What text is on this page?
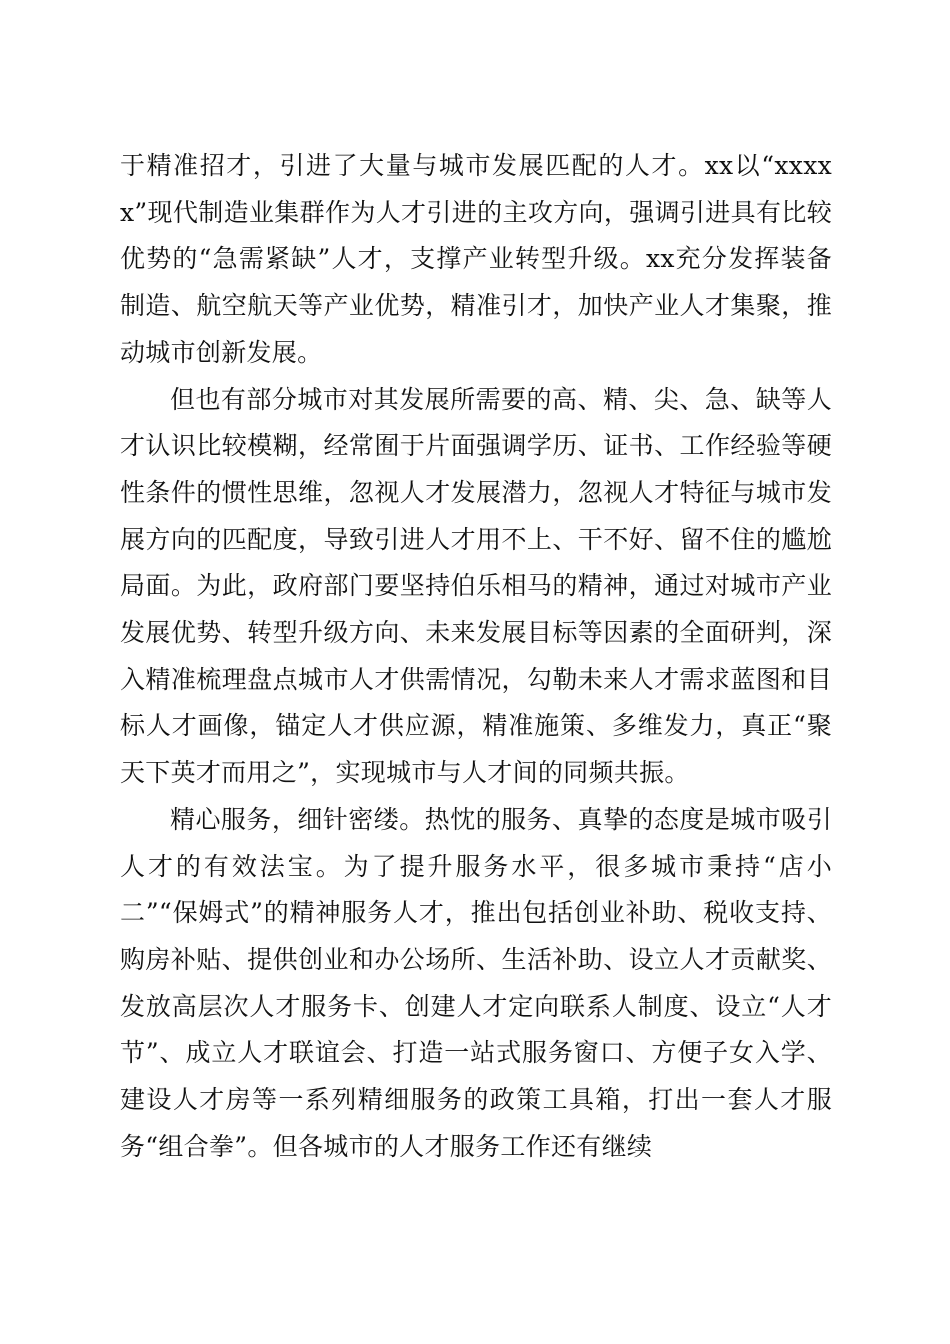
于精准招才，引进了大量与城市发展匹配的人才。xx以“xxxxx”现代制造业集群作为人才引进的主攻方向，强调引进具有比较优势的“急需紧缺”人才，支撑产业转型升级。xx充分发挥装备制造、航空航天等产业优势，精准引才，加快产业人才集聚，推动城市创新发展。

但也有部分城市对其发展所需要的高、精、尖、急、缺等人才认识比较模糊，经常囿于片面强调学历、证书、工作经验等硬性条件的惯性思维，忽视人才发展潜力，忽视人才特征与城市发展方向的匹配度，导致引进人才用不上、干不好、留不住的尴尬局面。为此，政府部门要坚持伯乐相马的精神，通过对城市产业发展优势、转型升级方向、未来发展目标等因素的全面研判，深入精准梳理盘点城市人才供需情况，勾勒未来人才需求蓝图和目标人才画像，锚定人才供应源，精准施策、多维发力，真正“聚天下英才而用之”，实现城市与人才间的同频共振。

精心服务，细针密缕。热忱的服务、真挚的态度是城市吸引人才的有效法宝。为了提升服务水平，很多城市秉持“店小二”“保姆式”的精神服务人才，推出包括创业补助、税收支持、购房补贴、提供创业和办公场所、生活补助、设立人才贡献奖、发放高层次人才服务卡、创建人才定向联系人制度、设立“人才节”、成立人才联谊会、打造一站式服务窗口、方便子女入学、建设人才房等一系列精细服务的政策工具箱，打出一套人才服务“组合拳”。但各城市的人才服务工作还有继续
